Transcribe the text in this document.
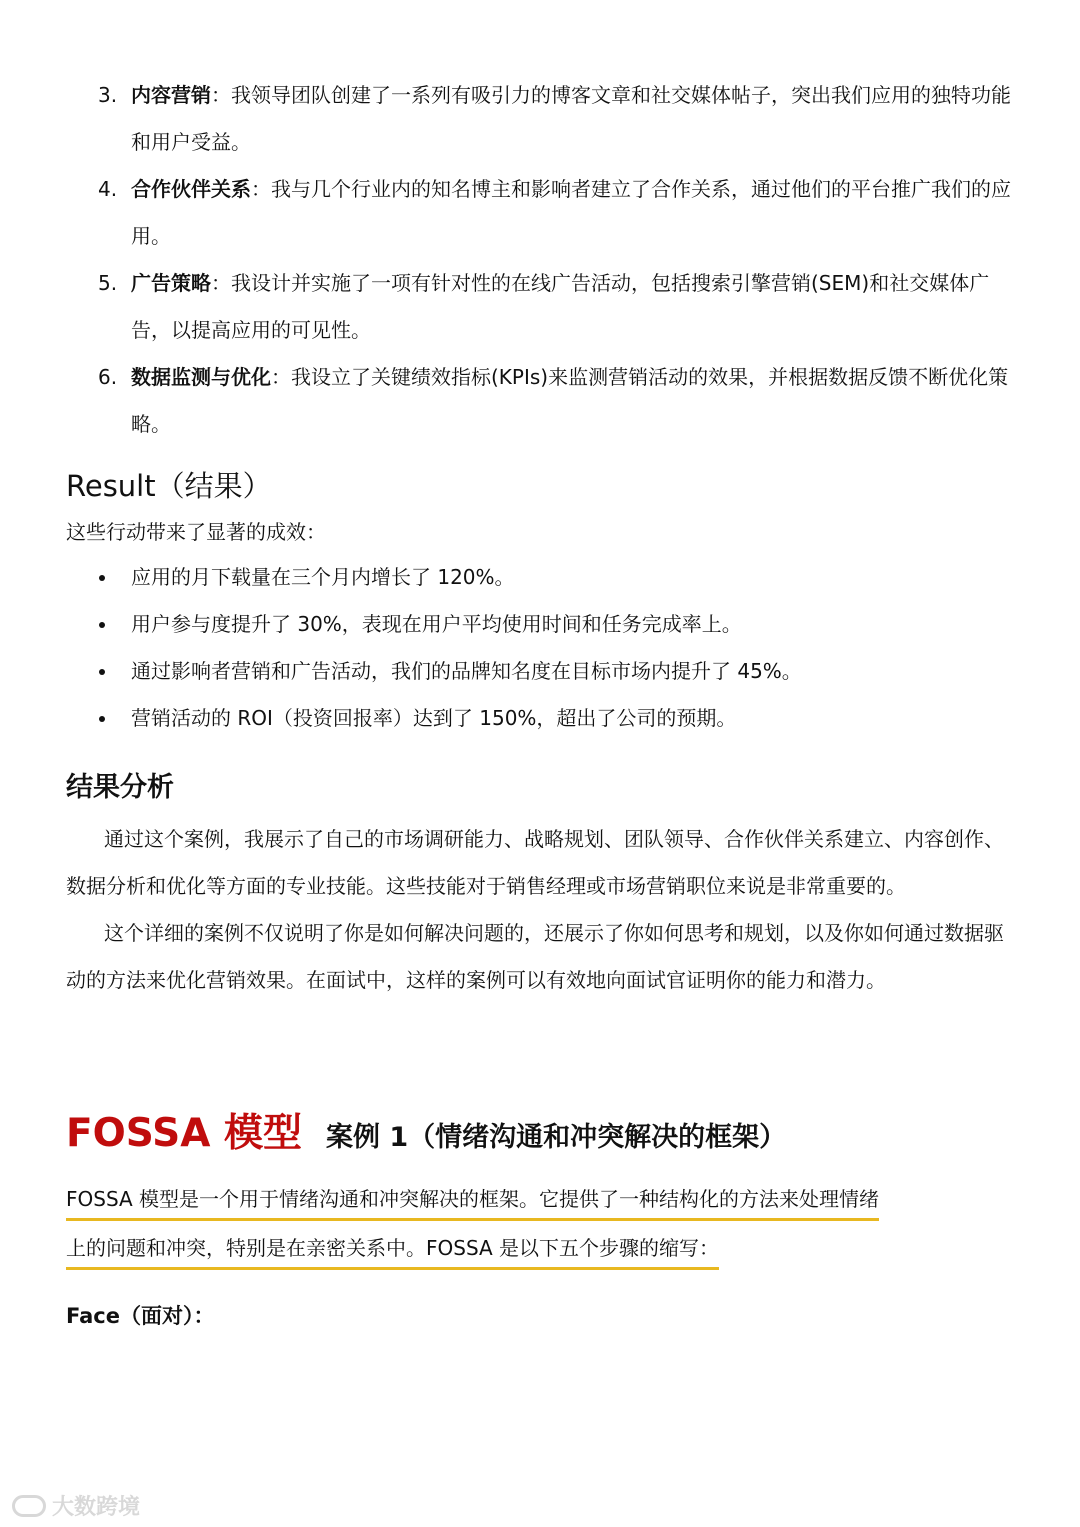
3. 内容营销：我领导团队创建了一系列有吸引力的博客文章和社交媒体帖子，突出我们应用的独特功能和用户受益。
4. 合作伙伴关系：我与几个行业内的知名博主和影响者建立了合作关系，通过他们的平台推广我们的应用。
5. 广告策略：我设计并实施了一项有针对性的在线广告活动，包括搜索引擎营销(SEM)和社交媒体广告，以提高应用的可见性。
6. 数据监测与优化：我设立了关键绩效指标(KPIs)来监测营销活动的效果，并根据数据反馈不断优化策略。
Result（结果）
这些行动带来了显著的成效：
应用的月下载量在三个月内增长了 120%。
用户参与度提升了 30%，表现在用户平均使用时间和任务完成率上。
通过影响者营销和广告活动，我们的品牌知名度在目标市场内提升了 45%。
营销活动的 ROI（投资回报率）达到了 150%，超出了公司的预期。
结果分析

通过这个案例，我展示了自己的市场调研能力、战略规划、团队领导、合作伙伴关系建立、内容创作、数据分析和优化等方面的专业技能。这些技能对于销售经理或市场营销职位来说是非常重要的。

这个详细的案例不仅说明了你是如何解决问题的，还展示了你如何思考和规划，以及你如何通过数据驱动的方法来优化营销效果。在面试中，这样的案例可以有效地向面试官证明你的能力和潜力。

FOSSA 模型 案例 1（情绪沟通和冲突解决的框架）
FOSSA 模型是一个用于情绪沟通和冲突解决的框架。它提供了一种结构化的方法来处理情绪
上的问题和冲突，特别是在亲密关系中。FOSSA 是以下五个步骤的缩写：
Face（面对）：
大数跨境
